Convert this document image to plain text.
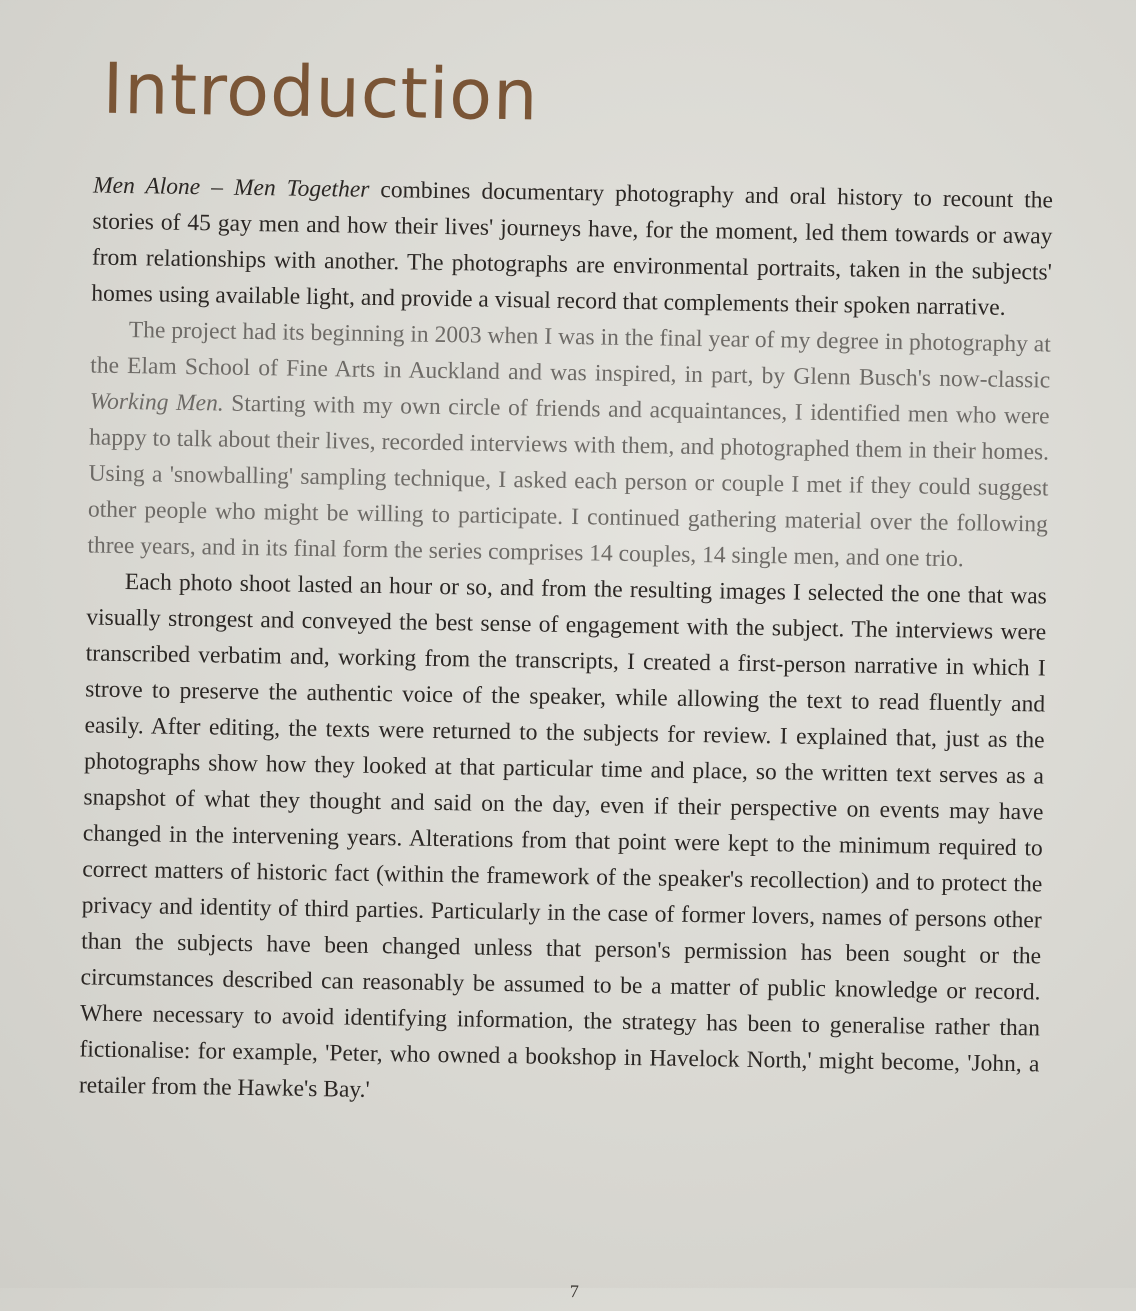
Introduction

Men Alone – Men Together combines documentary photography and oral history to recount the stories of 45 gay men and how their lives' journeys have, for the moment, led them towards or away from relationships with another. The photographs are environmental portraits, taken in the subjects' homes using available light, and provide a visual record that complements their spoken narrative.

The project had its beginning in 2003 when I was in the final year of my degree in photography at the Elam School of Fine Arts in Auckland and was inspired, in part, by Glenn Busch's now-classic Working Men. Starting with my own circle of friends and acquaintances, I identified men who were happy to talk about their lives, recorded interviews with them, and photographed them in their homes. Using a 'snowballing' sampling technique, I asked each person or couple I met if they could suggest other people who might be willing to participate. I continued gathering material over the following three years, and in its final form the series comprises 14 couples, 14 single men, and one trio.

Each photo shoot lasted an hour or so, and from the resulting images I selected the one that was visually strongest and conveyed the best sense of engagement with the subject. The interviews were transcribed verbatim and, working from the transcripts, I created a first-person narrative in which I strove to preserve the authentic voice of the speaker, while allowing the text to read fluently and easily. After editing, the texts were returned to the subjects for review. I explained that, just as the photographs show how they looked at that particular time and place, so the written text serves as a snapshot of what they thought and said on the day, even if their perspective on events may have changed in the intervening years. Alterations from that point were kept to the minimum required to correct matters of historic fact (within the framework of the speaker's recollection) and to protect the privacy and identity of third parties. Particularly in the case of former lovers, names of persons other than the subjects have been changed unless that person's permission has been sought or the circumstances described can reasonably be assumed to be a matter of public knowledge or record. Where necessary to avoid identifying information, the strategy has been to generalise rather than fictionalise: for example, 'Peter, who owned a bookshop in Havelock North,' might become, 'John, a retailer from the Hawke's Bay.'

7
